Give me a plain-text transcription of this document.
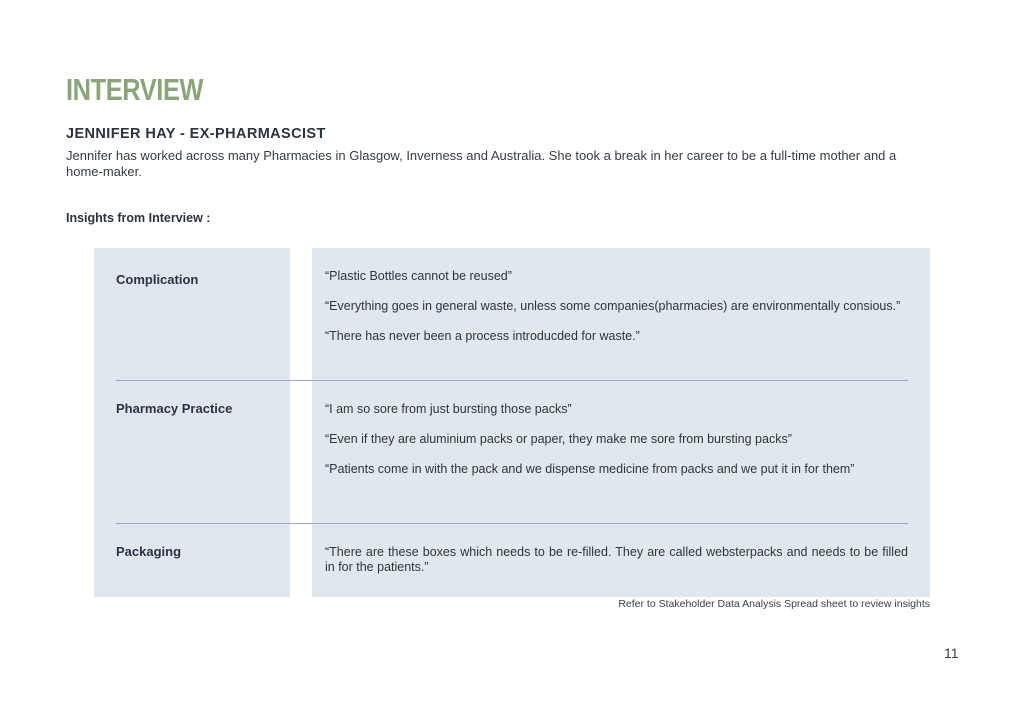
INTERVIEW
JENNIFER HAY - EX-PHARMASCIST

Jennifer has worked across many Pharmacies in Glasgow, Inverness and Australia. She took a break in her career to be a full-time mother and a home-maker.

Insights from Interview :

Complication	“Plastic Bottles cannot be reused”
“Everything goes in general waste, unless some companies(pharmacies) are environmentally consious.”
“There has never been a process introducded for waste.”

Pharmacy Practice	“I am so sore from just bursting those packs”
“Even if they are aluminium packs or paper, they make me sore from bursting packs”
“Patients come in with the pack and we dispense medicine from packs and we put it in for them”

Packaging	“There are these boxes which needs to be re-filled. They are called websterpacks and needs to be filled in for the patients.”

Refer to Stakeholder Data Analysis Spread sheet to review insights

11
